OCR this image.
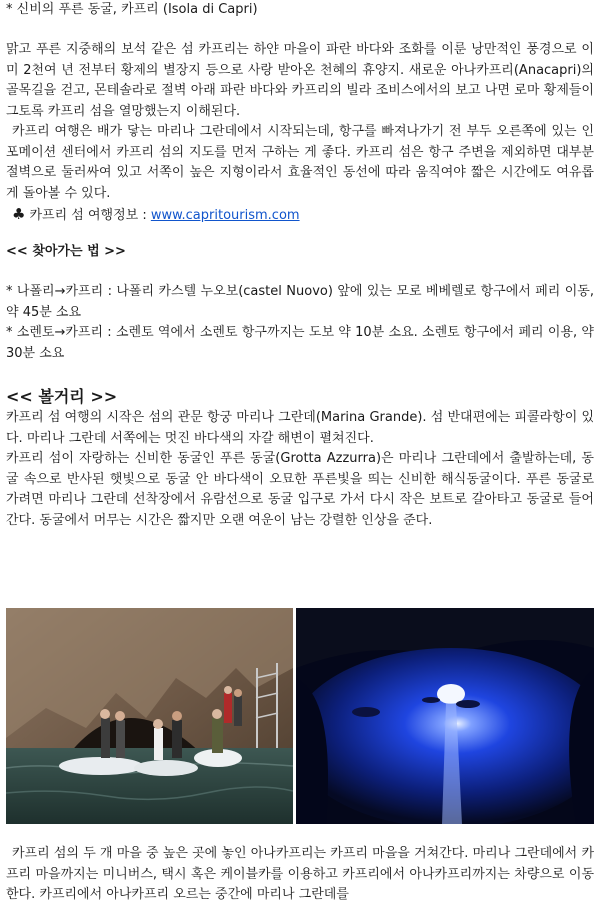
* 신비의 푸른 동굴, 카프리 (Isola di Capri)

맑고 푸른 지중해의 보석 같은 섬 카프리는 하얀 마을이 파란 바다와 조화를 이룬 낭만적인 풍경으로 이미 2천여 년 전부터 황제의 별장지 등으로 사랑 받아온 천혜의 휴양지. 새로운 아나카프리(Anacapri)의 골목길을 걷고, 몬테솔라로 절벽 아래 파란 바다와 카프리의 빌라 조비스에서의 보고 나면 로마 황제들이 그토록 카프리 섬을 열망했는지 이해된다.

카프리 여행은 배가 닿는 마리나 그란데에서 시작되는데, 항구를 빠져나가기 전 부두 오른쪽에 있는 인포메이션 센터에서 카프리 섬의 지도를 먼저 구하는 게 좋다. 카프리 섬은 항구 주변을 제외하면 대부분 절벽으로 둘러싸여 있고 서쪽이 높은 지형이라서 효율적인 동선에 따라 움직여야 짧은 시간에도 여유롭게 돌아볼 수 있다.

♣ 카프리 섬 여행정보 : www.capritourism.com

<< 찾아가는 법 >>

* 나폴리→카프리 : 나폴리 카스텔 누오보(castel Nuovo) 앞에 있는 모로 베베렐로 항구에서 페리 이동, 약 45분 소요

* 소렌토→카프리 : 소렌토 역에서 소렌토 항구까지는 도보 약 10분 소요. 소렌토 항구에서 페리 이용, 약 30분 소요

<< 볼거리 >>

카프리 섬 여행의 시작은 섬의 관문 항궁 마리나 그란데(Marina Grande). 섬 반대편에는 피콜라항이 있다. 마리나 그란데 서쪽에는 멋진 바다색의 자갈 해변이 펼쳐진다.

카프리 섬이 자랑하는 신비한 동굴인 푸른 동굴(Grotta Azzurra)은 마리나 그란데에서 출발하는데, 동굴 속으로 반사된 햇빛으로 동굴 안 바다색이 오묘한 푸른빛을 띄는 신비한 해식동굴이다. 푸른 동굴로 가려면 마리나 그란데 선착장에서 유람선으로 동굴 입구로 가서 다시 작은 보트로 갈아타고 동굴로 들어간다. 동굴에서 머무는 시간은 짧지만 오랜 여운이 남는 강렬한 인상을 준다.

카프리 섬의 두 개 마을 중 높은 곳에 놓인 아나카프리는 카프리 마을을 거쳐간다. 마리나 그란데에서 카프리 마을까지는 미니버스, 택시 혹은 케이블카를 이용하고 카프리에서 아나카프리까지는 차량으로 이동한다. 카프리에서 아나카프리 오르는 중간에 마리나 그란데를
